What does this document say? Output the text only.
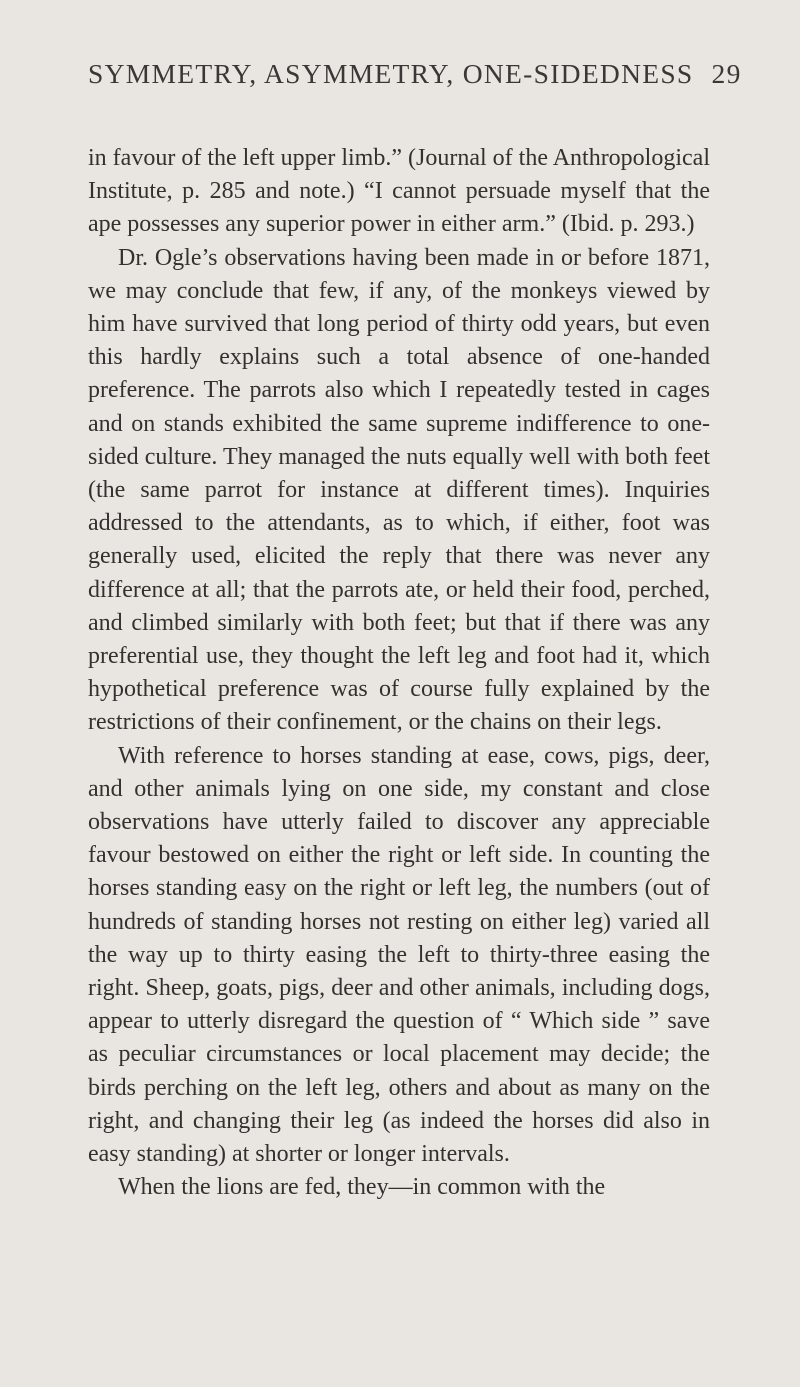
SYMMETRY, ASYMMETRY, ONE-SIDEDNESS 29

in favour of the left upper limb.” (Journal of the Anthropological Institute, p. 285 and note.) “I cannot persuade myself that the ape possesses any superior power in either arm.” (Ibid. p. 293.)

Dr. Ogle’s observations having been made in or before 1871, we may conclude that few, if any, of the monkeys viewed by him have survived that long period of thirty odd years, but even this hardly explains such a total absence of one-handed preference. The parrots also which I repeatedly tested in cages and on stands exhibited the same supreme indifference to one-sided culture. They managed the nuts equally well with both feet (the same parrot for instance at different times). Inquiries addressed to the attendants, as to which, if either, foot was generally used, elicited the reply that there was never any difference at all; that the parrots ate, or held their food, perched, and climbed similarly with both feet; but that if there was any preferential use, they thought the left leg and foot had it, which hypothetical preference was of course fully explained by the restrictions of their confinement, or the chains on their legs.

With reference to horses standing at ease, cows, pigs, deer, and other animals lying on one side, my constant and close observations have utterly failed to discover any appreciable favour bestowed on either the right or left side. In counting the horses standing easy on the right or left leg, the numbers (out of hundreds of standing horses not resting on either leg) varied all the way up to thirty easing the left to thirty-three easing the right. Sheep, goats, pigs, deer and other animals, including dogs, appear to utterly disregard the question of “ Which side ” save as peculiar circumstances or local placement may decide; the birds perching on the left leg, others and about as many on the right, and changing their leg (as indeed the horses did also in easy standing) at shorter or longer intervals.

When the lions are fed, they—in common with the
